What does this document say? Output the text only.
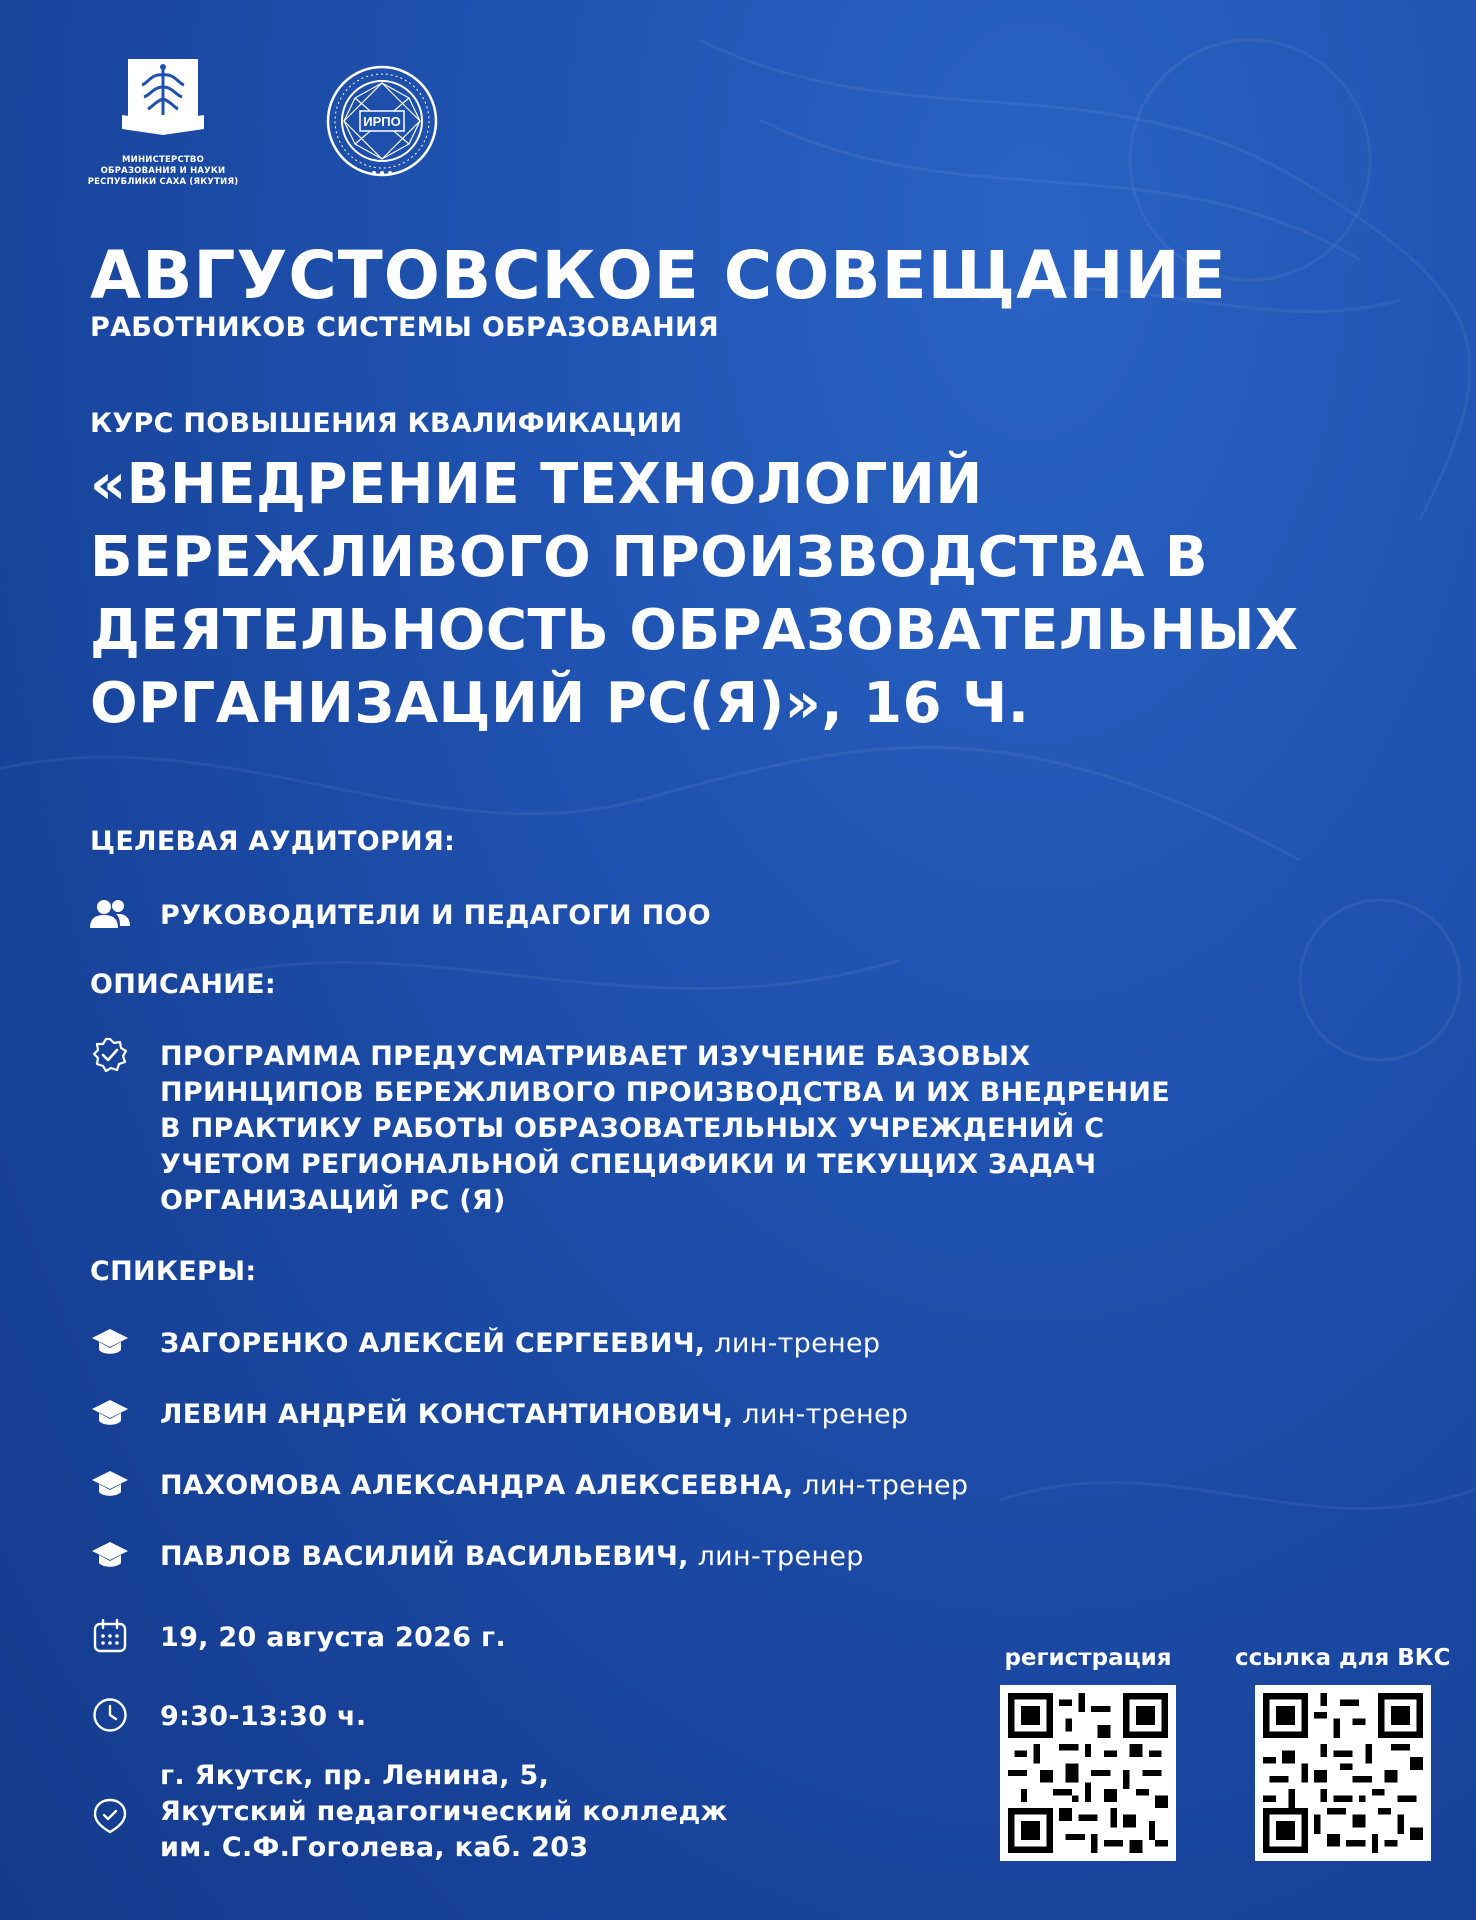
МИНИСТЕРСТВО
ОБРАЗОВАНИЯ И НАУКИ
РЕСПУБЛИКИ САХА (ЯКУТИЯ)
ИРПО
АВГУСТОВСКОЕ СОВЕЩАНИЕ
РАБОТНИКОВ СИСТЕМЫ ОБРАЗОВАНИЯ
КУРС ПОВЫШЕНИЯ КВАЛИФИКАЦИИ
«ВНЕДРЕНИЕ ТЕХНОЛОГИЙ
БЕРЕЖЛИВОГО ПРОИЗВОДСТВА В
ДЕЯТЕЛЬНОСТЬ ОБРАЗОВАТЕЛЬНЫХ
ОРГАНИЗАЦИЙ РС(Я)», 16 Ч.
ЦЕЛЕВАЯ АУДИТОРИЯ:
РУКОВОДИТЕЛИ И ПЕДАГОГИ ПОО
ОПИСАНИЕ:
ПРОГРАММА ПРЕДУСМАТРИВАЕТ ИЗУЧЕНИЕ БАЗОВЫХ
ПРИНЦИПОВ БЕРЕЖЛИВОГО ПРОИЗВОДСТВА И ИХ ВНЕДРЕНИЕ
В ПРАКТИКУ РАБОТЫ ОБРАЗОВАТЕЛЬНЫХ УЧРЕЖДЕНИЙ С
УЧЕТОМ РЕГИОНАЛЬНОЙ СПЕЦИФИКИ И ТЕКУЩИХ ЗАДАЧ
ОРГАНИЗАЦИЙ РС (Я)
СПИКЕРЫ:
ЗАГОРЕНКО АЛЕКСЕЙ СЕРГЕЕВИЧ, лин-тренер
ЛЕВИН АНДРЕЙ КОНСТАНТИНОВИЧ, лин-тренер
ПАХОМОВА АЛЕКСАНДРА АЛЕКСЕЕВНА, лин-тренер
ПАВЛОВ ВАСИЛИЙ ВАСИЛЬЕВИЧ, лин-тренер
19, 20 августа 2026 г.
9:30-13:30 ч.
г. Якутск, пр. Ленина, 5,
Якутский педагогический колледж
им. С.Ф.Гоголева, каб. 203
регистрация	ссылка для ВКС
